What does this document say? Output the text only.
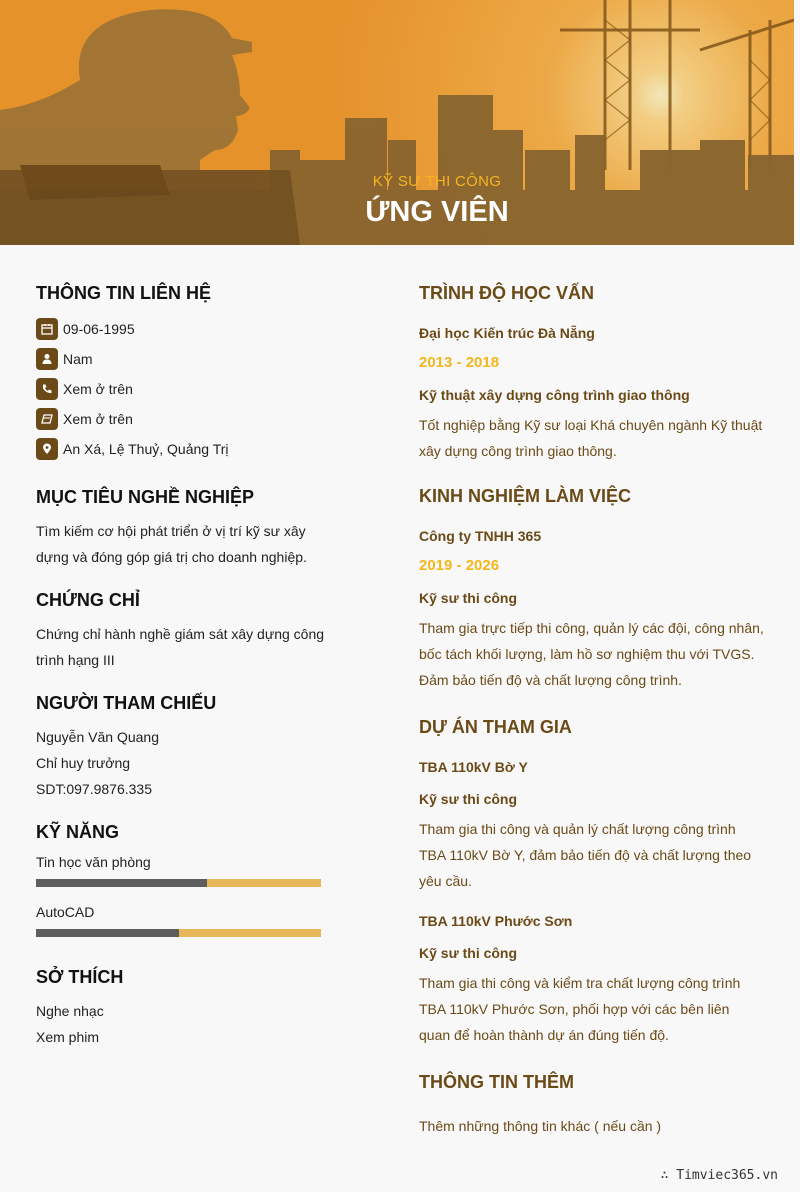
KỸ SƯ THI CÔNG
ỨNG VIÊN
THÔNG TIN LIÊN HỆ
09-06-1995
Nam
Xem ở trên
Xem ở trên
An Xá, Lệ Thuỷ, Quảng Trị
MỤC TIÊU NGHỀ NGHIỆP
Tìm kiếm cơ hội phát triển ở vị trí kỹ sư xây dựng và đóng góp giá trị cho doanh nghiệp.
CHỨNG CHỈ
Chứng chỉ hành nghề giám sát xây dựng công trình hạng III
NGƯỜI THAM CHIẾU
Nguyễn Văn Quang
Chỉ huy trưởng
SDT:097.9876.335
KỸ NĂNG
Tin học văn phòng
AutoCAD
SỞ THÍCH
Nghe nhạc
Xem phim
TRÌNH ĐỘ HỌC VẤN
Đại học Kiến trúc Đà Nẵng
2013 - 2018
Kỹ thuật xây dựng công trình giao thông
Tốt nghiệp bằng Kỹ sư loại Khá chuyên ngành Kỹ thuật xây dựng công trình giao thông.
KINH NGHIỆM LÀM VIỆC
Công ty TNHH 365
2019 - 2026
Kỹ sư thi công
Tham gia trực tiếp thi công, quản lý các đội, công nhân, bốc tách khối lượng, làm hồ sơ nghiệm thu với TVGS. Đảm bảo tiến độ và chất lượng công trình.
DỰ ÁN THAM GIA
TBA 110kV Bờ Y
Kỹ sư thi công
Tham gia thi công và quản lý chất lượng công trình TBA 110kV Bờ Y, đảm bảo tiến độ và chất lượng theo yêu cầu.
TBA 110kV Phước Sơn
Kỹ sư thi công
Tham gia thi công và kiểm tra chất lượng công trình TBA 110kV Phước Sơn, phối hợp với các bên liên quan để hoàn thành dự án đúng tiến độ.
THÔNG TIN THÊM
Thêm những thông tin khác ( nếu cần )
∴ Timviec365.vn
